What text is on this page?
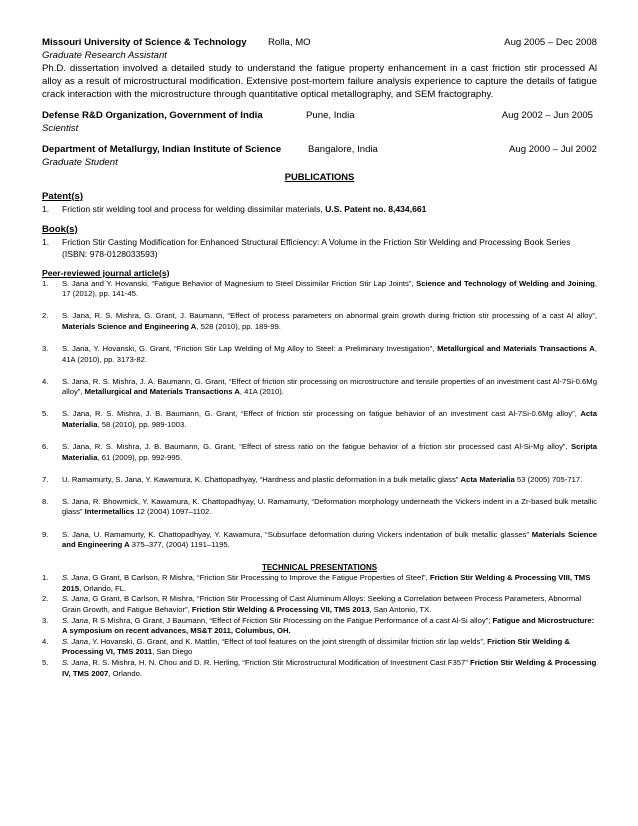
Missouri University of Science & Technology	Rolla, MO	Aug 2005 – Dec 2008
Graduate Research Assistant
Ph.D. dissertation involved a detailed study to understand the fatigue property enhancement in a cast friction stir processed Al alloy as a result of microstructural modification. Extensive post-mortem failure analysis experience to capture the details of fatigue crack interaction with the microstructure through quantitative optical metallography, and SEM fractography.
Defense R&D Organization, Government of India	Pune, India	Aug 2002 – Jun 2005
Scientist
Department of Metallurgy, Indian Institute of Science	Bangalore, India	Aug 2000 – Jul 2002
Graduate Student
PUBLICATIONS
Patent(s)
1.	Friction stir welding tool and process for welding dissimilar materials, U.S. Patent no. 8,434,661
Book(s)
1.	Friction Stir Casting Modification for Enhanced Structural Efficiency: A Volume in the Friction Stir Welding and Processing Book Series (ISBN: 978-0128033593)
Peer-reviewed journal article(s)
1.	S. Jana and Y. Hovanski, “Fatigue Behavior of Magnesium to Steel Dissimilar Friction Stir Lap Joints”, Science and Technology of Welding and Joining, 17 (2012), pp. 141-45.
2.	S. Jana, R. S. Mishra, G. Grant, J. Baumann, “Effect of process parameters on abnormal grain growth during friction stir processing of a cast Al alloy”, Materials Science and Engineering A, 528 (2010), pp. 189-99.
3.	S. Jana, Y. Hovanski, G. Grant, “Friction Stir Lap Welding of Mg Alloy to Steel: a Preliminary Investigation”, Metallurgical and Materials Transactions A, 41A (2010), pp. 3173-82.
4.	S. Jana, R. S. Mishra, J. A. Baumann, G. Grant, “Effect of friction stir processing on microstructure and tensile properties of an investment cast Al-7Si-0.6Mg alloy”, Metallurgical and Materials Transactions A, 41A (2010).
5.	S. Jana, R. S. Mishra, J. B. Baumann, G. Grant, “Effect of friction stir processing on fatigue behavior of an investment cast Al-7Si-0.6Mg alloy”, Acta Materialia, 58 (2010), pp. 989-1003.
6.	S. Jana, R. S. Mishra, J. B. Baumann, G. Grant, “Effect of stress ratio on the fatigue behavior of a friction stir processed cast Al-Si-Mg alloy”, Scripta Materialia, 61 (2009), pp. 992-995.
7.	U. Ramamurty, S. Jana, Y. Kawamura, K. Chattopadhyay, “Hardness and plastic deformation in a bulk metallic glass” Acta Materialia 53 (2005) 705-717.
8.	S. Jana, R. Bhowmick, Y. Kawamura, K. Chattopadhyay, U. Ramamurty, “Deformation morphology underneath the Vickers indent in a Zr-based bulk metallic glass” Intermetallics 12 (2004) 1097–1102.
9.	S. Jana, U. Ramamurty, K. Chattopadhyay, Y. Kawamura, “Subsurface deformation during Vickers indentation of bulk metallic glasses” Materials Science and Engineering A 375–377, (2004) 1191–1195.
TECHNICAL PRESENTATIONS
1.	S. Jana, G Grant, B Carlson, R Mishra, “Friction Stir Processing to Improve the Fatigue Properties of Steel”, Friction Stir Welding & Processing VIII, TMS 2015, Orlando, FL.
2.	S. Jana, G Grant, B Carlson, R Mishra, “Friction Stir Processing of Cast Aluminum Alloys: Seeking a Correlation between Process Parameters, Abnormal Grain Growth, and Fatigue Behavior”, Friction Stir Welding & Processing VII, TMS 2013, San Antonio, TX.
3.	S. Jana, R S Mishra, G Grant, J Baumann, “Effect of Friction Stir Processing on the Fatigue Performance of a cast Al-Si alloy”; Fatigue and Microstructure: A symposium on recent advances, MS&T 2011, Columbus, OH.
4.	S. Jana, Y. Hovanski, G. Grant, and K. Mattlin, “Effect of tool features on the joint strength of dissimilar friction stir lap welds”, Friction Stir Welding & Processing VI, TMS 2011, San Diego
5.	S. Jana, R. S. Mishra, H. N. Chou and D. R. Herling, “Friction Stir Microstructural Modification of Investment Cast F357” Friction Stir Welding & Processing IV, TMS 2007, Orlando.
